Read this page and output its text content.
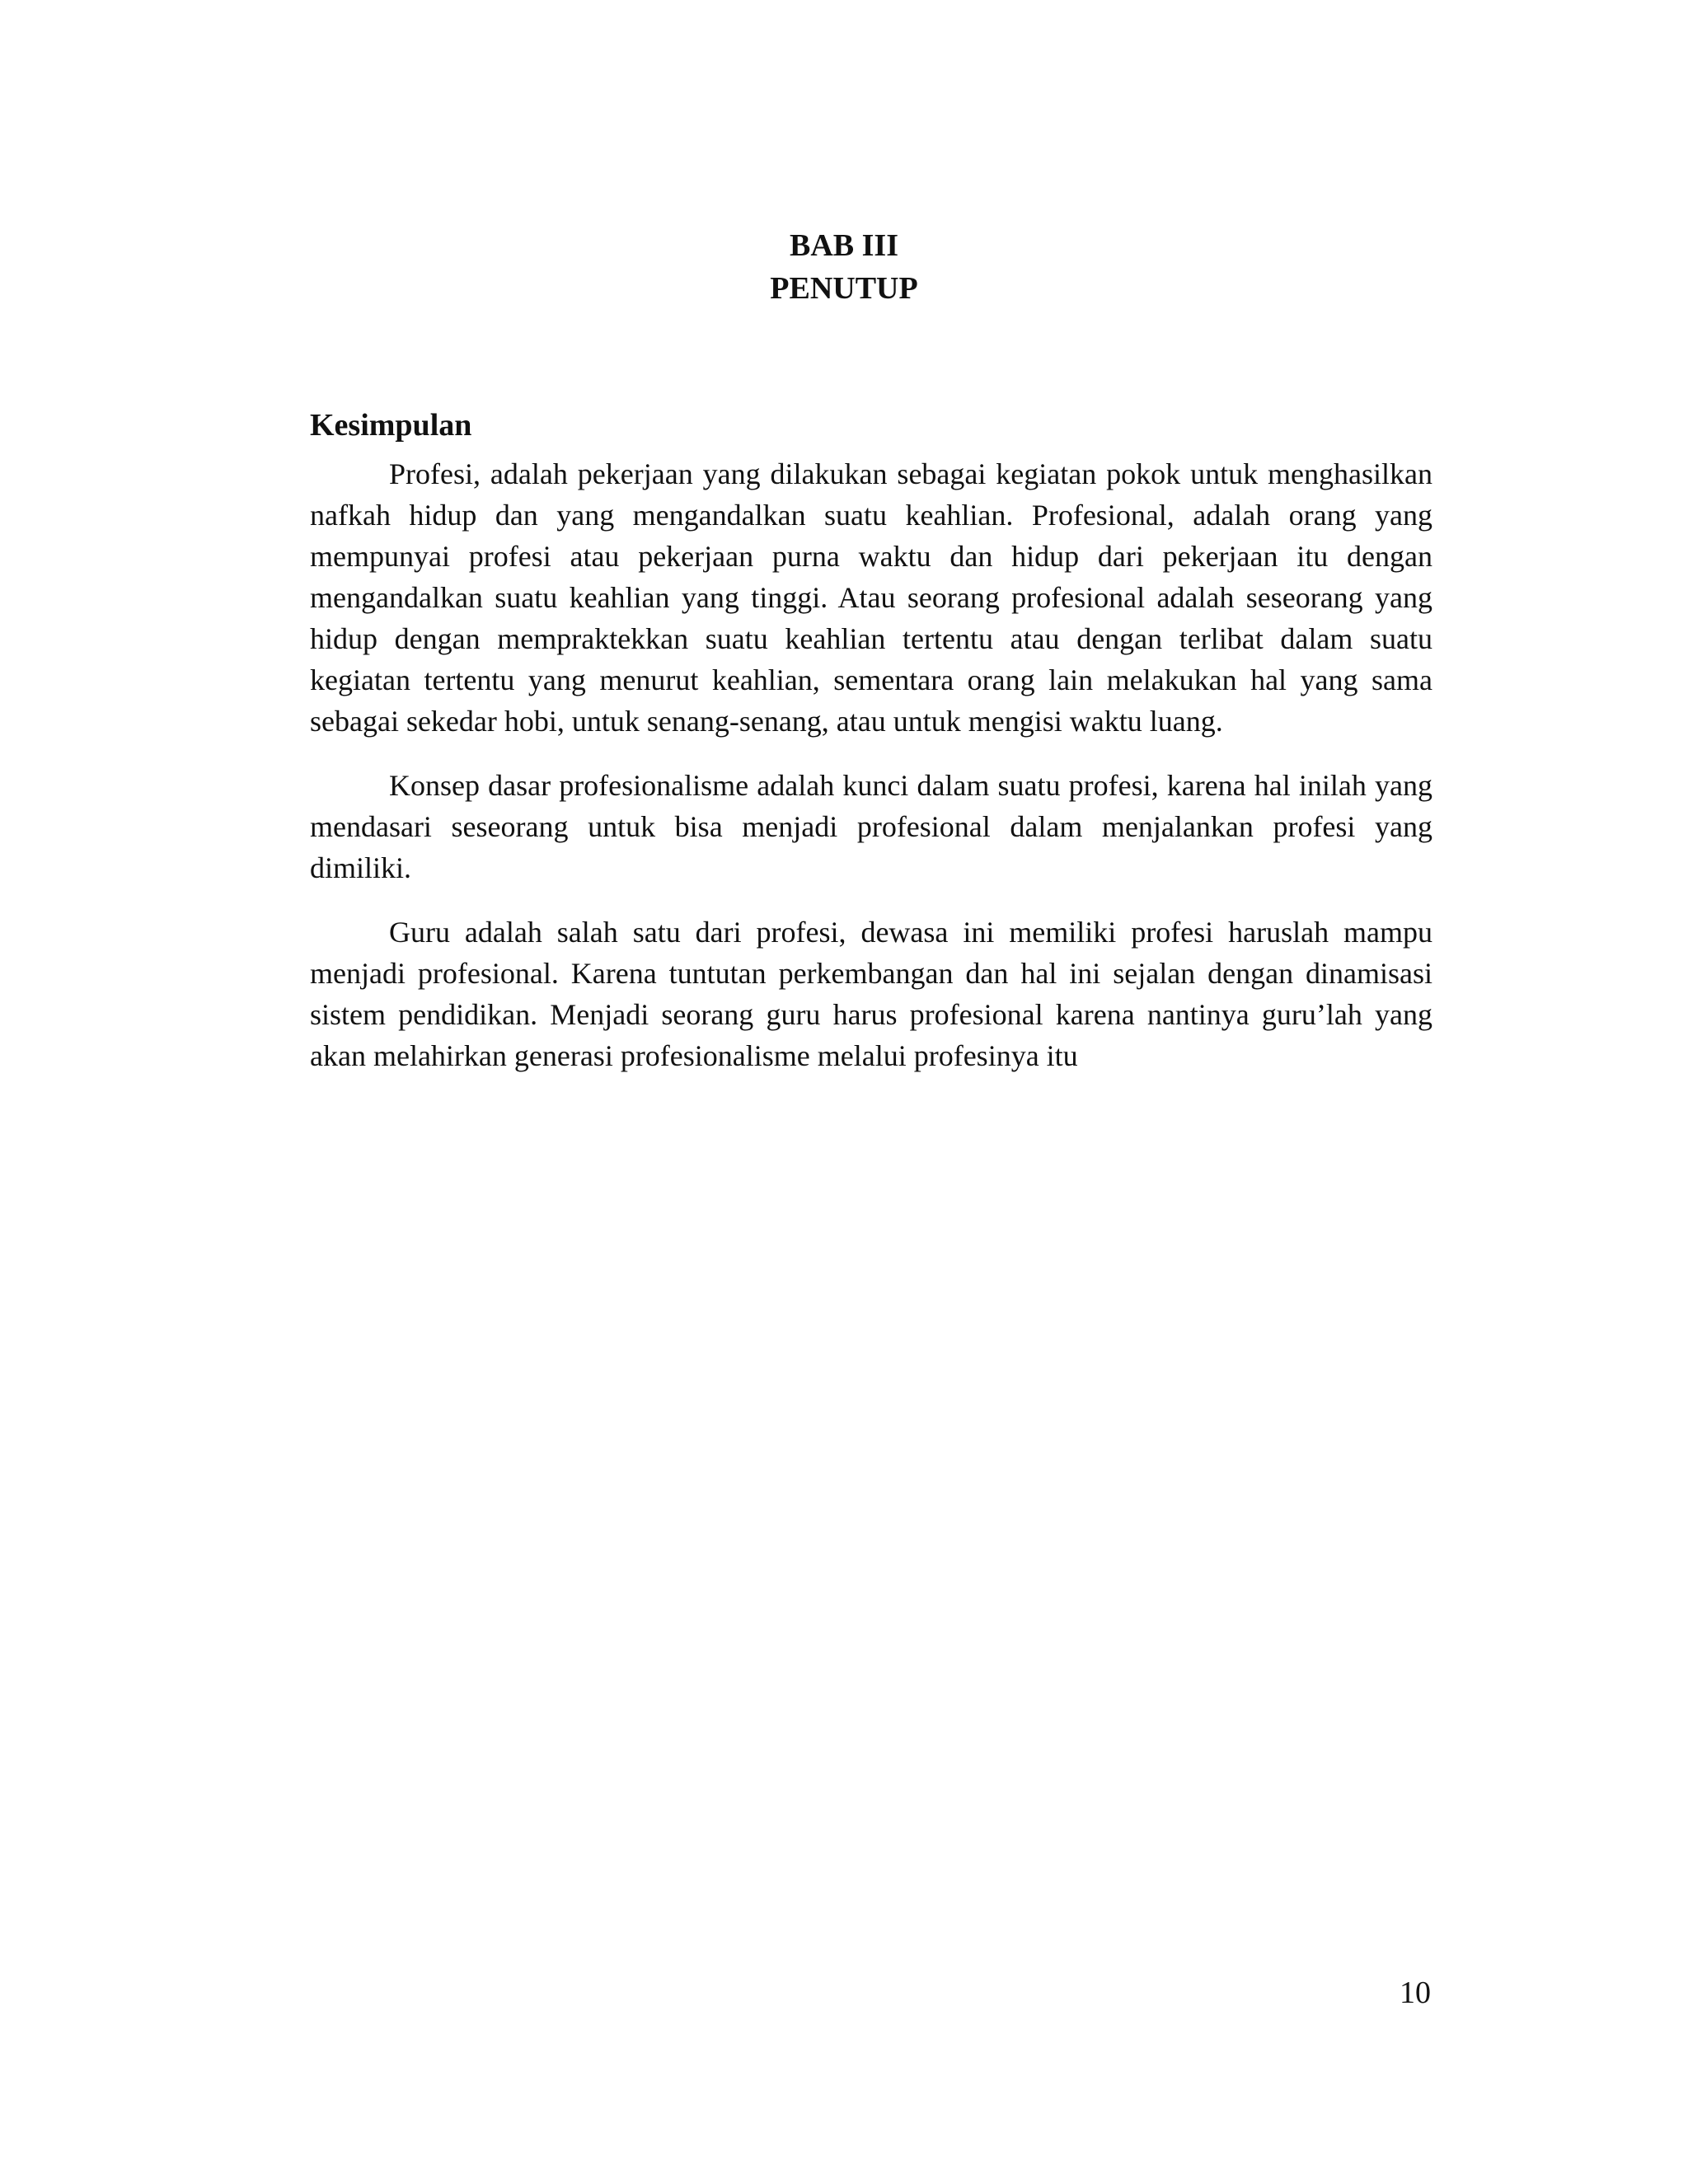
BAB III
PENUTUP
Kesimpulan

Profesi, adalah pekerjaan yang dilakukan sebagai kegiatan pokok untuk menghasilkan nafkah hidup dan yang mengandalkan suatu keahlian. Profesional, adalah orang yang mempunyai profesi atau pekerjaan purna waktu dan hidup dari pekerjaan itu dengan mengandalkan suatu keahlian yang tinggi. Atau seorang profesional adalah seseorang yang hidup dengan mempraktekkan suatu keahlian tertentu atau dengan terlibat dalam suatu kegiatan tertentu yang menurut keahlian, sementara orang lain melakukan hal yang sama sebagai sekedar hobi, untuk senang-senang, atau untuk mengisi waktu luang.

Konsep dasar profesionalisme adalah kunci dalam suatu profesi, karena hal inilah yang mendasari seseorang untuk bisa menjadi profesional dalam menjalankan profesi yang dimiliki.

Guru adalah salah satu dari profesi, dewasa ini memiliki profesi haruslah mampu menjadi profesional. Karena tuntutan perkembangan dan hal ini sejalan dengan dinamisasi sistem pendidikan. Menjadi seorang guru harus profesional karena nantinya guru’lah yang akan melahirkan generasi profesionalisme melalui profesinya itu

10
